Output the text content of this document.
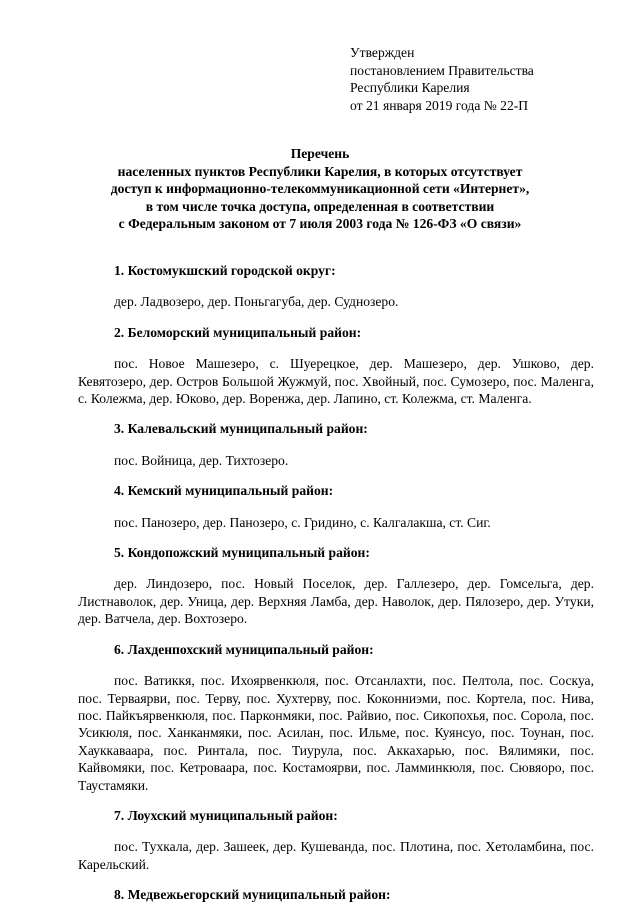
Утвержден
постановлением Правительства
Республики Карелия
от 21 января 2019 года № 22-П
Перечень
населенных пунктов Республики Карелия, в которых отсутствует
доступ к информационно-телекоммуникационной сети «Интернет»,
в том числе точка доступа, определенная в соответствии
с Федеральным законом от 7 июля 2003 года № 126-ФЗ «О связи»

1. Костомукшский городской округ:

дер. Ладвозеро, дер. Поньгагуба, дер. Суднозеро.

2. Беломорский муниципальный район:

пос. Новое Машезеро, с. Шуерецкое, дер. Машезеро, дер. Ушково, дер. Кевятозеро, дер. Остров Большой Жужмуй, пос. Хвойный, пос. Сумозеро, пос. Маленга, с. Колежма, дер. Юково, дер. Воренжа, дер. Лапино, ст. Колежма, ст. Маленга.

3. Калевальский муниципальный район:

пос. Войница, дер. Тихтозеро.

4. Кемский муниципальный район:

пос. Панозеро, дер. Панозеро, с. Гридино, с. Калгалакша, ст. Сиг.

5. Кондопожский муниципальный район:

дер. Линдозеро, пос. Новый Поселок, дер. Галлезеро, дер. Гомсельга, дер. Листнаволок, дер. Уница, дер. Верхняя Ламба, дер. Наволок, дер. Пялозеро, дер. Утуки, дер. Ватчела, дер. Вохтозеро.

6. Лахденпохский муниципальный район:

пос. Ватиккя, пос. Ихоярвенкюля, пос. Отсанлахти, пос. Пелтола, пос. Соскуа, пос. Терваярви, пос. Терву, пос. Хухтерву, пос. Коконниэми, пос. Кортела, пос. Нива, пос. Пайкъярвенкюля, пос. Парконмяки, пос. Райвио, пос. Сикопохья, пос. Сорола, пос. Усикюля, пос. Ханканмяки, пос. Асилан, пос. Ильме, пос. Куянсуо, пос. Тоунан, пос. Хауккаваара, пос. Ринтала, пос. Тиурула, пос. Аккахарью, пос. Вялимяки, пос. Кайвомяки, пос. Кетроваара, пос. Костамоярви, пос. Ламминкюля, пос. Сювяоро, пос. Таустамяки.

7. Лоухский муниципальный район:

пос. Тухкала, дер. Зашеек, дер. Кушеванда, пос. Плотина, пос. Хетоламбина, пос. Карельский.

8. Медвежьегорский муниципальный район:
